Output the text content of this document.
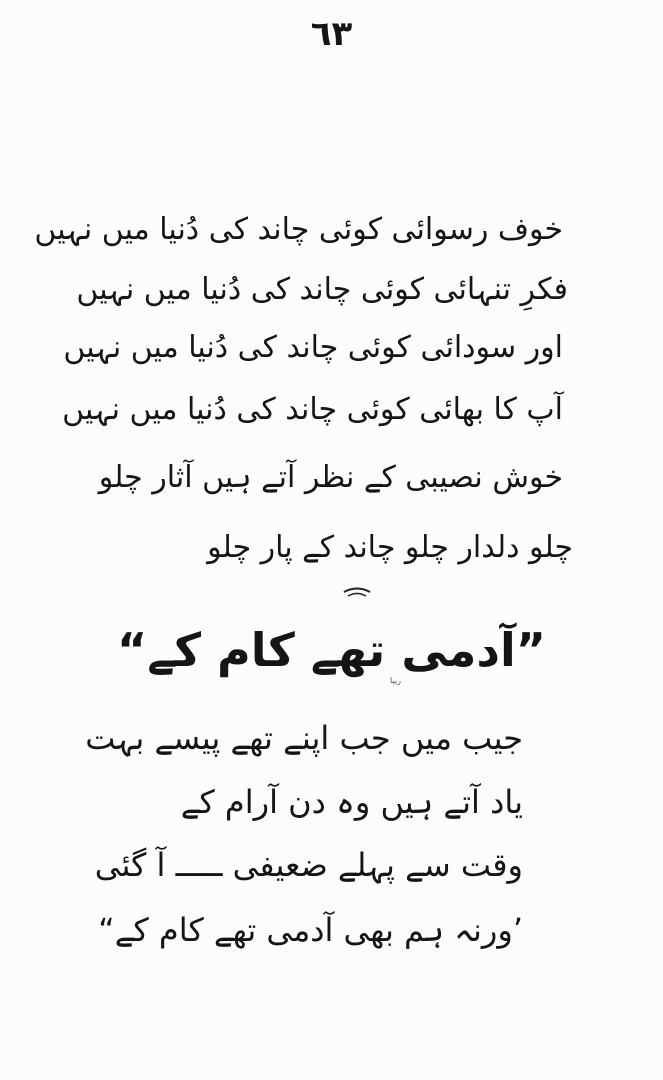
٦٣
خوف رسوائی کوئی چاند کی دُنیا میں نہیں
فکرِ تنہائی کوئی چاند کی دُنیا میں نہیں
اور سودائی کوئی چاند کی دُنیا میں نہیں
آپ کا بھائی کوئی چاند کی دُنیا میں نہیں
خوش نصیبی کے نظر آتے ہیں آثار چلو
چلو دلدار چلو چاند کے پار چلو
”آدمی تھے کام کے“
ریپا
جیب میں جب اپنے تھے پیسے بہت
یاد آتے ہیں وہ دن آرام کے
وقت سے پہلے ضعیفی ـــــ آ گئی
’ورنہ ہم بھی آدمی تھے کام کے“
